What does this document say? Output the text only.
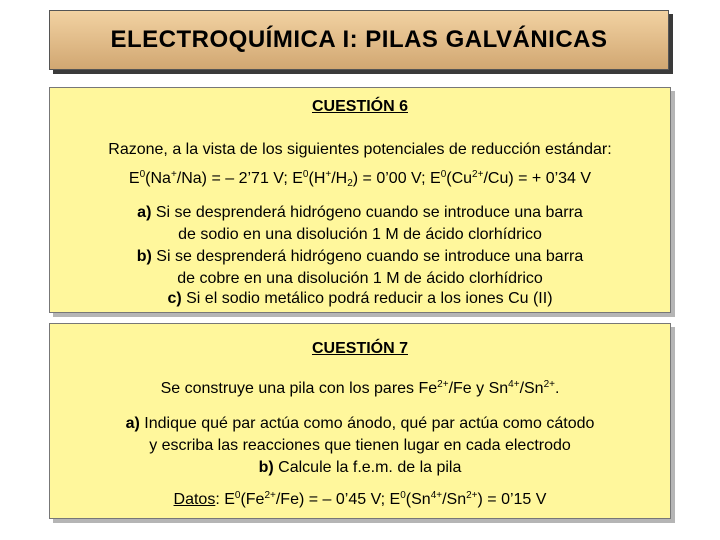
ELECTROQUÍMICA I: PILAS GALVÁNICAS
CUESTIÓN 6
Razone, a la vista de los siguientes potenciales de reducción estándar:
$E^0(Na^+/Na)$ = – 2’71 V; $E^0(H^+/H_2)$ = 0’00 V; $E^0(Cu^{2+}/Cu)$ = + 0’34 V
a) Si se desprenderá hidrógeno cuando se introduce una barra
de sodio en una disolución 1 M de ácido clorhídrico
b) Si se desprenderá hidrógeno cuando se introduce una barra
de cobre en una disolución 1 M de ácido clorhídrico
c) Si el sodio metálico podrá reducir a los iones Cu (II)
CUESTIÓN 7
Se construye una pila con los pares $Fe^{2+}/Fe$ y $Sn^{4+}/Sn^{2+}$.
a) Indique qué par actúa como ánodo, qué par actúa como cátodo
y escriba las reacciones que tienen lugar en cada electrodo
b) Calcule la f.e.m. de la pila
Datos: $E^0(Fe^{2+}/Fe)$ = – 0’45 V; $E^0(Sn^{4+}/Sn^{2+})$ = 0’15 V
